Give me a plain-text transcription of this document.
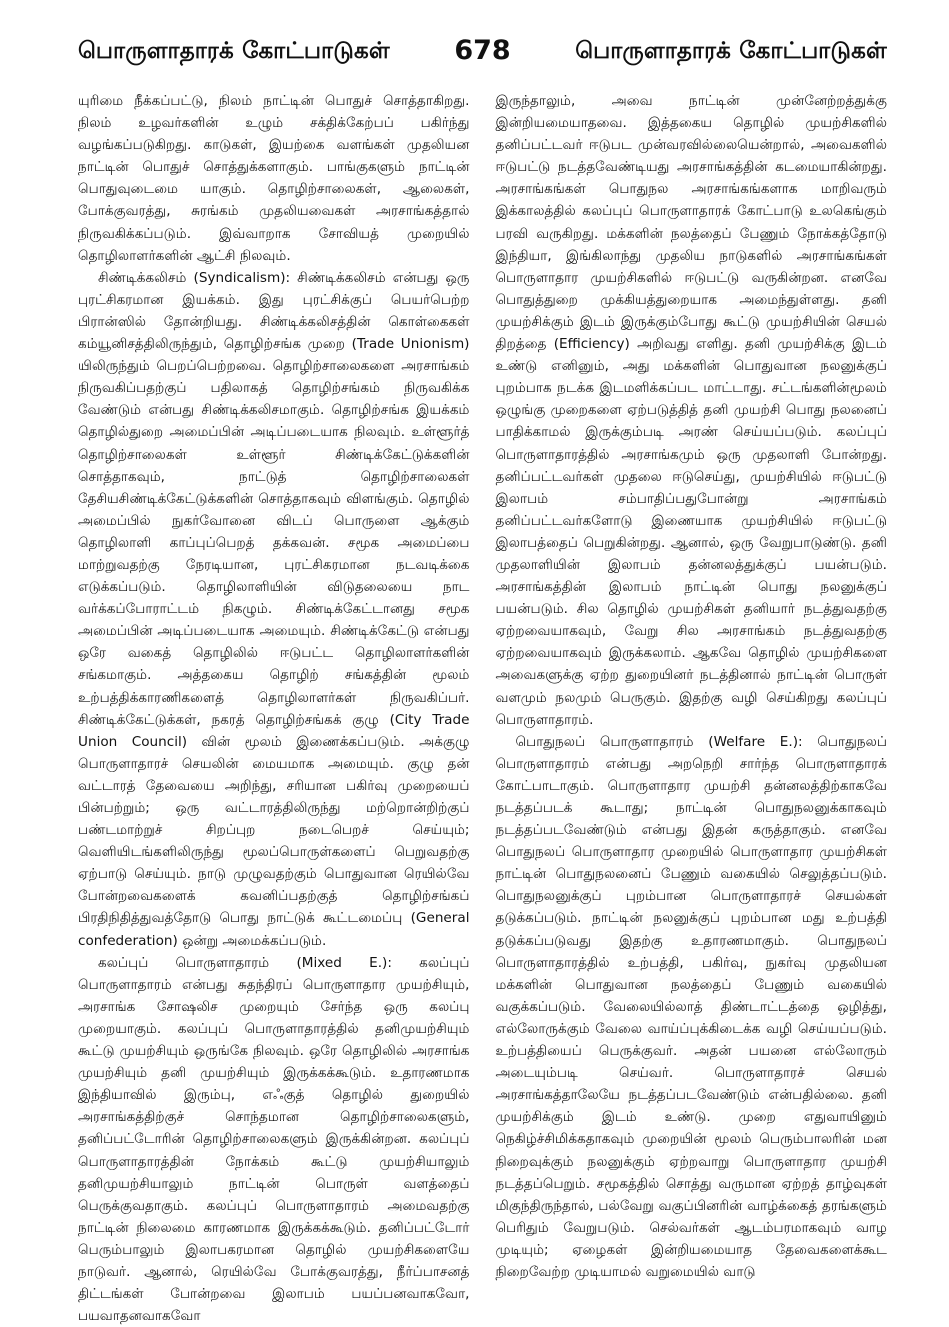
பொருளாதாரக் கோட்பாடுகள் 678	பொருளாதாரக் கோட்பாடுகள்

யுரிமை நீக்கப்பட்டு, நிலம் நாட்டின் பொதுச் சொத்தாகிறது. நிலம் உழவர்களின் உழும் சக்திக்கேற்பப் பகிர்ந்து வழங்கப்படுகிறது. காடுகள், இயற்கை வளங்கள் முதலியன நாட்டின் பொதுச் சொத்துக்களாகும். பாங்குகளும் நாட்டின் பொதுவுடைமை யாகும். தொழிற்சாலைகள், ஆலைகள், போக்குவரத்து, சுரங்கம் முதலியவைகள் அரசாங்கத்தால் நிருவகிக்கப்படும். இவ்வாறாக சோவியத் முறையில் தொழிலாளர்களின் ஆட்சி நிலவும்.

சிண்டிக்கலிசம் (Syndicalism): சிண்டிக்கலிசம் என்பது ஒரு புரட்சிகரமான இயக்கம். இது புரட்சிக்குப் பெயர்பெற்ற பிரான்ஸில் தோன்றியது. சிண்டிக்கலிசத்தின் கொள்கைகள் கம்யூனிசத்திலிருந்தும், தொழிற்சங்க முறை (Trade Unionism) யிலிருந்தும் பெறப்பெற்றவை. தொழிற்சாலைகளை அரசாங்கம் நிருவகிப்பதற்குப் பதிலாகத் தொழிற்சங்கம் நிருவகிக்க வேண்டும் என்பது சிண்டிக்கலிசமாகும். தொழிற்சங்க இயக்கம் தொழில்துறை அமைப்பின் அடிப்படையாக நிலவும். உள்ளூர்த் தொழிற்சாலைகள் உள்ளூர் சிண்டிக்கேட்டுக்களின் சொத்தாகவும், நாட்டுத் தொழிற்சாலைகள் தேசியசிண்டிக்கேட்டுக்களின் சொத்தாகவும் விளங்கும். தொழில் அமைப்பில் நுகர்வோனை விடப் பொருளை ஆக்கும் தொழிலாளி காப்புப்பெறத் தக்கவன். சமூக அமைப்பை மாற்றுவதற்கு நேரடியான, புரட்சிகரமான நடவடிக்கை எடுக்கப்படும். தொழிலாளியின் விடுதலையை நாட வர்க்கப்போராட்டம் நிகழும். சிண்டிக்கேட்டானது சமூக அமைப்பின் அடிப்படையாக அமையும். சிண்டிக்கேட்டு என்பது ஒரே வகைத் தொழிலில் ஈடுபட்ட தொழிலாளர்களின் சங்கமாகும். அத்தகைய தொழிற் சங்கத்தின் மூலம் உற்பத்திக்காரணிகளைத் தொழிலாளர்கள் நிருவகிப்பர். சிண்டிக்கேட்டுக்கள், நகரத் தொழிற்சங்கக் குழு (City Trade Union Council) வின் மூலம் இணைக்கப்படும். அக்குழு பொருளாதாரச் செயலின் மையமாக அமையும். குழு தன் வட்டாரத் தேவையை அறிந்து, சரியான பகிர்வு முறையைப் பின்பற்றும்; ஒரு வட்டாரத்திலிருந்து மற்றொன்றிற்குப் பண்டமாற்றுச் சிறப்புற நடைபெறச் செய்யும்; வெளியிடங்களிலிருந்து மூலப்பொருள்களைப் பெறுவதற்கு ஏற்பாடு செய்யும். நாடு முழுவதற்கும் பொதுவான ரெயில்வே போன்றவைகளைக் கவனிப்பதற்குத் தொழிற்சங்கப் பிரதிநிதித்துவத்தோடு பொது நாட்டுக் கூட்டமைப்பு (General confederation) ஒன்று அமைக்கப்படும்.

கலப்புப் பொருளாதாரம் (Mixed E.): கலப்புப் பொருளாதாரம் என்பது சுதந்திரப் பொருளாதார முயற்சியும், அரசாங்க சோஷலிச முறையும் சேர்ந்த ஒரு கலப்பு முறையாகும். கலப்புப் பொருளாதாரத்தில் தனிமுயற்சியும் கூட்டு முயற்சியும் ஒருங்கே நிலவும். ஒரே தொழிலில் அரசாங்க முயற்சியும் தனி முயற்சியும் இருக்கக்கூடும். உதாரணமாக இந்தியாவில் இரும்பு, எஃகுத் தொழில் துறையில் அரசாங்கத்திற்குச் சொந்தமான தொழிற்சாலைகளும், தனிப்பட்டோரின் தொழிற்சாலைகளும் இருக்கின்றன. கலப்புப் பொருளாதாரத்தின் நோக்கம் கூட்டு முயற்சியாலும் தனிமுயற்சியாலும் நாட்டின் பொருள் வளத்தைப் பெருக்குவதாகும். கலப்புப் பொருளாதாரம் அமைவதற்கு நாட்டின் நிலைமை காரணமாக இருக்கக்கூடும். தனிப்பட்டோர் பெரும்பாலும் இலாபகரமான தொழில் முயற்சிகளையே நாடுவர். ஆனால், ரெயில்வே போக்குவரத்து, நீர்ப்பாசனத் திட்டங்கள் போன்றவை இலாபம் பயப்பனவாகவோ, பயவாதனவாகவோ

இருந்தாலும், அவை நாட்டின் முன்னேற்றத்துக்கு இன்றியமையாதவை. இத்தகைய தொழில் முயற்சிகளில் தனிப்பட்டவர் ஈடுபட முன்வரவில்லையென்றால், அவைகளில் ஈடுபட்டு நடத்தவேண்டியது அரசாங்கத்தின் கடமையாகின்றது. அரசாங்கங்கள் பொதுநல அரசாங்கங்களாக மாறிவரும் இக்காலத்தில் கலப்புப் பொருளாதாரக் கோட்பாடு உலகெங்கும் பரவி வருகிறது. மக்களின் நலத்தைப் பேணும் நோக்கத்தோடு இந்தியா, இங்கிலாந்து முதலிய நாடுகளில் அரசாங்கங்கள் பொருளாதார முயற்சிகளில் ஈடுபட்டு வருகின்றன. எனவே பொதுத்துறை முக்கியத்துறையாக அமைந்துள்ளது. தனி முயற்சிக்கும் இடம் இருக்கும்போது கூட்டு முயற்சியின் செயல் திறத்தை (Efficiency) அறிவது எளிது. தனி முயற்சிக்கு இடம் உண்டு எனினும், அது மக்களின் பொதுவான நலனுக்குப் புறம்பாக நடக்க இடமளிக்கப்பட மாட்டாது. சட்டங்களின்மூலம் ஒழுங்கு முறைகளை ஏற்படுத்தித் தனி முயற்சி பொது நலனைப் பாதிக்காமல் இருக்கும்படி அரண் செய்யப்படும். கலப்புப் பொருளாதாரத்தில் அரசாங்கமும் ஒரு முதலாளி போன்றது. தனிப்பட்டவர்கள் முதலை ஈடுசெய்து, முயற்சியில் ஈடுபட்டு இலாபம் சம்பாதிப்பதுபோன்று அரசாங்கம் தனிப்பட்டவர்களோடு இணையாக முயற்சியில் ஈடுபட்டு இலாபத்தைப் பெறுகின்றது. ஆனால், ஒரு வேறுபாடுண்டு. தனி முதலாளியின் இலாபம் தன்னலத்துக்குப் பயன்படும். அரசாங்கத்தின் இலாபம் நாட்டின் பொது நலனுக்குப் பயன்படும். சில தொழில் முயற்சிகள் தனியார் நடத்துவதற்கு ஏற்றவையாகவும், வேறு சில அரசாங்கம் நடத்துவதற்கு ஏற்றவையாகவும் இருக்கலாம். ஆகவே தொழில் முயற்சிகளை அவைகளுக்கு ஏற்ற துறையினர் நடத்தினால் நாட்டின் பொருள் வளமும் நலமும் பெருகும். இதற்கு வழி செய்கிறது கலப்புப் பொருளாதாரம்.

பொதுநலப் பொருளாதாரம் (Welfare E.): பொதுநலப் பொருளாதாரம் என்பது அறநெறி சார்ந்த பொருளாதாரக் கோட்பாடாகும். பொருளாதார முயற்சி தன்னலத்திற்காகவே நடத்தப்படக் கூடாது; நாட்டின் பொதுநலனுக்காகவும் நடத்தப்படவேண்டும் என்பது இதன் கருத்தாகும். எனவே பொதுநலப் பொருளாதார முறையில் பொருளாதார முயற்சிகள் நாட்டின் பொதுநலனைப் பேணும் வகையில் செலுத்தப்படும். பொதுநலனுக்குப் புறம்பான பொருளாதாரச் செயல்கள் தடுக்கப்படும். நாட்டின் நலனுக்குப் புறம்பான மது உற்பத்தி தடுக்கப்படுவது இதற்கு உதாரணமாகும். பொதுநலப் பொருளாதாரத்தில் உற்பத்தி, பகிர்வு, நுகர்வு முதலியன மக்களின் பொதுவான நலத்தைப் பேணும் வகையில் வகுக்கப்படும். வேலையில்லாத் திண்டாட்டத்தை ஒழித்து, எல்லோருக்கும் வேலை வாய்ப்புக்கிடைக்க வழி செய்யப்படும். உற்பத்தியைப் பெருக்குவர். அதன் பயனை எல்லோரும் அடையும்படி செய்வர். பொருளாதாரச் செயல் அரசாங்கத்தாலேயே நடத்தப்படவேண்டும் என்பதில்லை. தனி முயற்சிக்கும் இடம் உண்டு. முறை எதுவாயினும் நெகிழ்ச்சிமிக்கதாகவும் முறையின் மூலம் பெரும்பாலரின் மன நிறைவுக்கும் நலனுக்கும் ஏற்றவாறு பொருளாதார முயற்சி நடத்தப்பெறும். சமூகத்தில் சொத்து வருமான ஏற்றத் தாழ்வுகள் மிகுந்திருந்தால், பல்வேறு வகுப்பினரின் வாழ்க்கைத் தரங்களும் பெரிதும் வேறுபடும். செல்வர்கள் ஆடம்பரமாகவும் வாழ முடியும்; ஏழைகள் இன்றியமையாத தேவைகளைக்கூட நிறைவேற்ற முடியாமல் வறுமையில் வாடு
